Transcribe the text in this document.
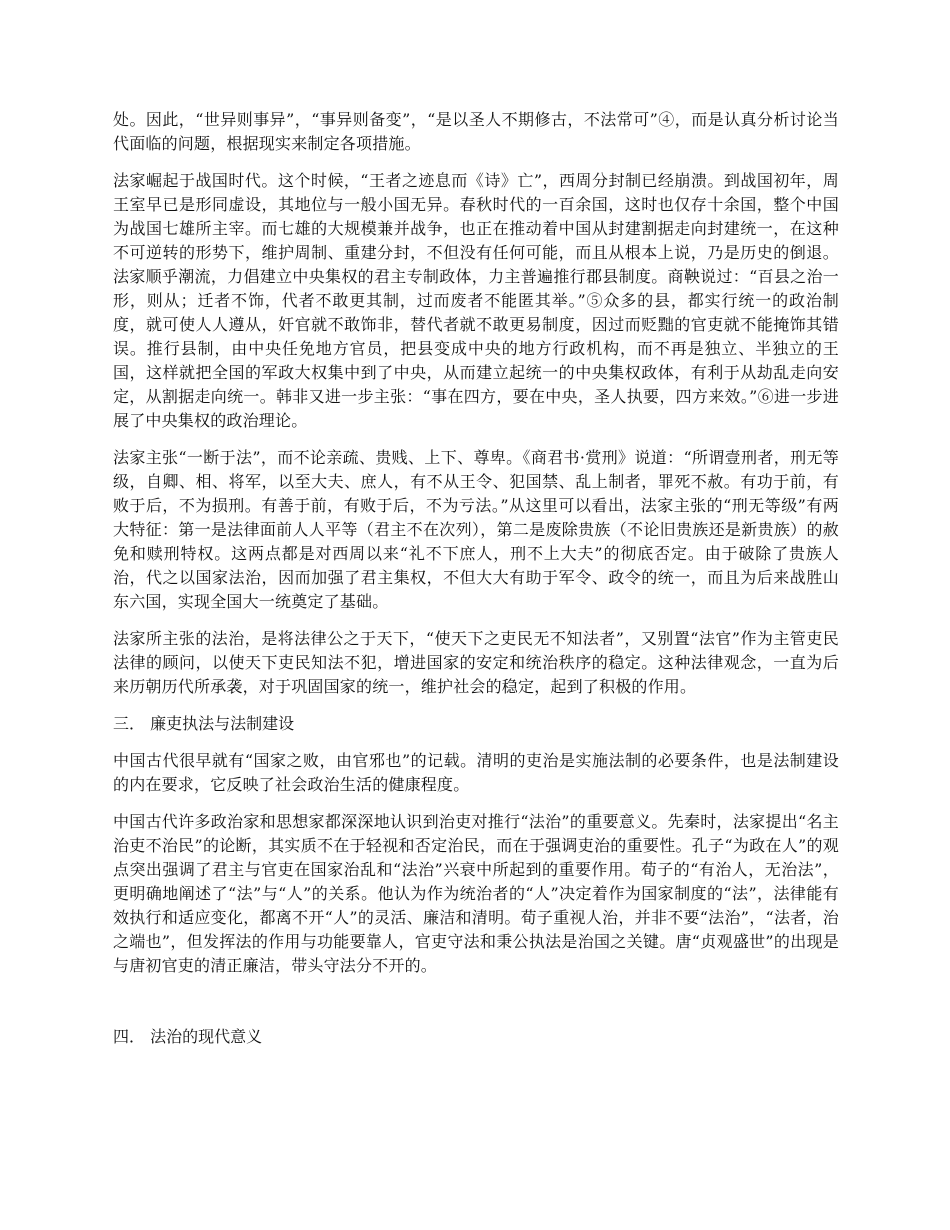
处。因此，“世异则事异”，“事异则备变”，“是以圣人不期修古，不法常可”④，而是认真分析讨论当代面临的问题，根据现实来制定各项措施。

法家崛起于战国时代。这个时候，“王者之迹息而《诗》亡”，西周分封制已经崩溃。到战国初年，周王室早已是形同虚设，其地位与一般小国无异。春秋时代的一百余国，这时也仅存十余国，整个中国为战国七雄所主宰。而七雄的大规模兼并战争，也正在推动着中国从封建割据走向封建统一，在这种不可逆转的形势下，维护周制、重建分封，不但没有任何可能，而且从根本上说，乃是历史的倒退。法家顺乎潮流，力倡建立中央集权的君主专制政体，力主普遍推行郡县制度。商鞅说过：“百县之治一形，则从；迁者不饰，代者不敢更其制，过而废者不能匿其举。”⑤众多的县，都实行统一的政治制度，就可使人人遵从，奸官就不敢饰非，替代者就不敢更易制度，因过而贬黜的官吏就不能掩饰其错误。推行县制，由中央任免地方官员，把县变成中央的地方行政机构，而不再是独立、半独立的王国，这样就把全国的军政大权集中到了中央，从而建立起统一的中央集权政体，有利于从劫乱走向安定，从割据走向统一。韩非又进一步主张：“事在四方，要在中央，圣人执要，四方来效。”⑥进一步进展了中央集权的政治理论。

法家主张“一断于法”，而不论亲疏、贵贱、上下、尊卑。《商君书·赏刑》说道：“所谓壹刑者，刑无等级，自卿、相、将军，以至大夫、庶人，有不从王令、犯国禁、乱上制者，罪死不赦。有功于前，有败于后，不为损刑。有善于前，有败于后，不为亏法。”从这里可以看出，法家主张的“刑无等级”有两大特征：第一是法律面前人人平等（君主不在次列），第二是废除贵族（不论旧贵族还是新贵族）的赦免和赎刑特权。这两点都是对西周以来“礼不下庶人，刑不上大夫”的彻底否定。由于破除了贵族人治，代之以国家法治，因而加强了君主集权，不但大大有助于军令、政令的统一，而且为后来战胜山东六国，实现全国大一统奠定了基础。

法家所主张的法治，是将法律公之于天下，“使天下之吏民无不知法者”，又别置“法官”作为主管吏民法律的顾问，以使天下吏民知法不犯，增进国家的安定和统治秩序的稳定。这种法律观念，一直为后来历朝历代所承袭，对于巩固国家的统一，维护社会的稳定，起到了积极的作用。

三． 廉吏执法与法制建设

中国古代很早就有“国家之败，由官邪也”的记载。清明的吏治是实施法制的必要条件，也是法制建设的内在要求，它反映了社会政治生活的健康程度。

中国古代许多政治家和思想家都深深地认识到治吏对推行“法治”的重要意义。先秦时，法家提出“名主治吏不治民”的论断，其实质不在于轻视和否定治民，而在于强调吏治的重要性。孔子“为政在人”的观点突出强调了君主与官吏在国家治乱和“法治”兴衰中所起到的重要作用。荀子的“有治人，无治法”，更明确地阐述了“法”与“人”的关系。他认为作为统治者的“人”决定着作为国家制度的“法”，法律能有效执行和适应变化，都离不开“人”的灵活、廉洁和清明。荀子重视人治，并非不要“法治”，“法者，治之端也”，但发挥法的作用与功能要靠人，官吏守法和秉公执法是治国之关键。唐“贞观盛世”的出现是与唐初官吏的清正廉洁，带头守法分不开的。

四． 法治的现代意义
